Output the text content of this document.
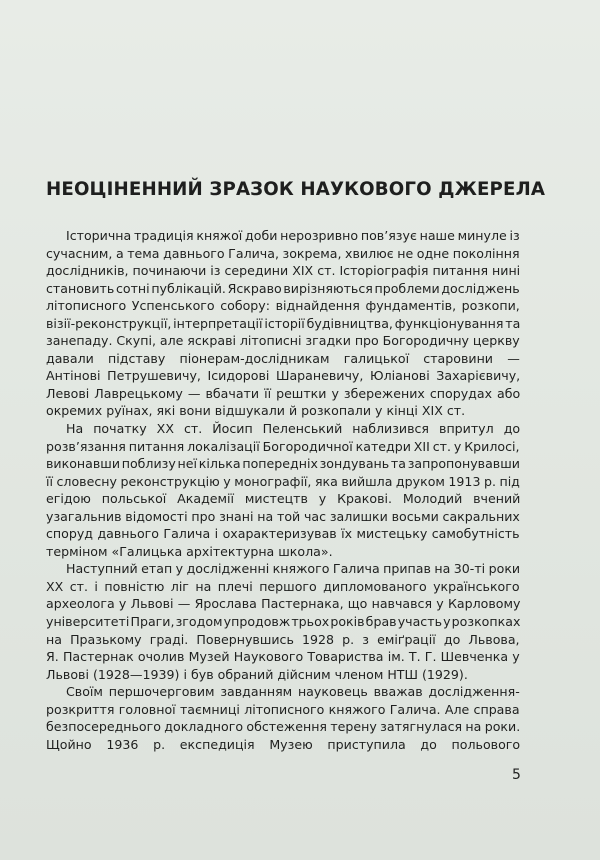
НЕОЦІНЕННИЙ ЗРАЗОК НАУКОВОГО ДЖЕРЕЛА
Історична традиція княжої доби нерозривно пов’язує наше минуле із
сучасним, а тема давнього Галича, зокрема, хвилює не одне покоління
дослідників, починаючи із середини XIX ст. Історіографія питання нині
становить сотні публікацій. Яскраво вирізняються проблеми досліджень
літописного Успенського собору: віднайдення фундаментів, розкопи,
візії-реконструкції, інтерпретації історії будівництва, функціонування та
занепаду. Скупі, але яскраві літописні згадки про Богородичну церкву
давали підставу піонерам-дослідникам галицької старовини —
Антінові Петрушевичу, Ісидорові Шараневичу, Юліанові Захарієвичу,
Левові Лаврецькому — вбачати її рештки у збережених спорудах або
окремих руїнах, які вони відшукали й розкопали у кінці XIX ст.
На початку XX ст. Йосип Пеленський наблизився впритул до
розв’язання питання локалізації Богородичної катедри XII ст. у Крилосі,
виконавши поблизу неї кілька попередніх зондувань та запропонувавши
її словесну реконструкцію у монографії, яка вийшла друком 1913 р. під
егідою польської Академії мистецтв у Кракові. Молодий вчений
узагальнив відомості про знані на той час залишки восьми сакральних
споруд давнього Галича і охарактеризував їх мистецьку самобутність
терміном «Галицька архітектурна школа».
Наступний етап у дослідженні княжого Галича припав на 30-ті роки
XX ст. і повністю ліг на плечі першого дипломованого українського
археолога у Львові — Ярослава Пастернака, що навчався у Карловому
університеті Праги, згодом упродовж трьох років брав участь у розкопках
на Празькому граді. Повернувшись 1928 р. з еміґрації до Львова,
Я. Пастернак очолив Музей Наукового Товариства ім. Т. Г. Шевченка у
Львові (1928—1939) і був обраний дійсним членом НТШ (1929).
Своїм першочерговим завданням науковець вважав дослідження-
розкриття головної таємниці літописного княжого Галича. Але справа
безпосереднього докладного обстеження терену затягнулася на роки.
Щойно 1936 р. експедиція Музею приступила до польового
5
